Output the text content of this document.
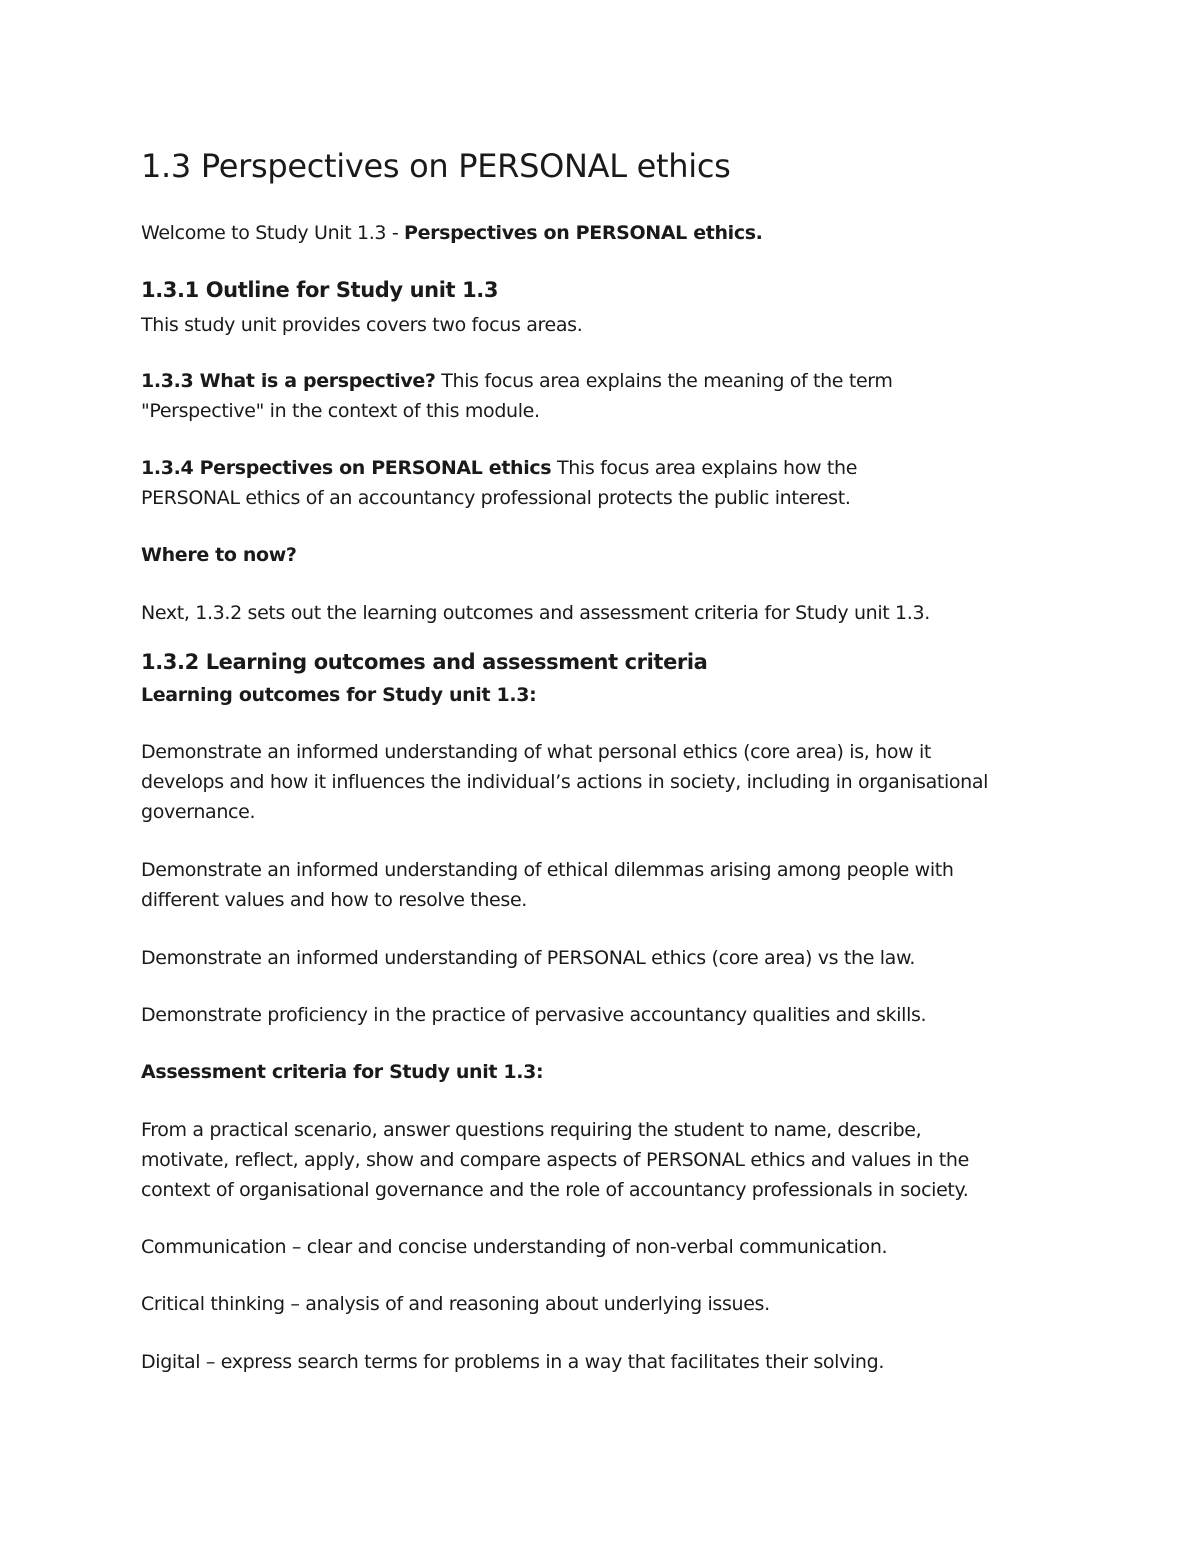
1.3 Perspectives on PERSONAL ethics

Welcome to Study Unit 1.3 - Perspectives on PERSONAL ethics.

1.3.1 Outline for Study unit 1.3

This study unit provides covers two focus areas.

1.3.3 What is a perspective? This focus area explains the meaning of the term

"Perspective" in the context of this module.

1.3.4 Perspectives on PERSONAL ethics This focus area explains how the

PERSONAL ethics of an accountancy professional protects the public interest.

Where to now?

Next, 1.3.2 sets out the learning outcomes and assessment criteria for Study unit 1.3.

1.3.2 Learning outcomes and assessment criteria

Learning outcomes for Study unit 1.3:

Demonstrate an informed understanding of what personal ethics (core area) is, how it

develops and how it influences the individual’s actions in society, including in organisational

governance.

Demonstrate an informed understanding of ethical dilemmas arising among people with

different values and how to resolve these.

Demonstrate an informed understanding of PERSONAL ethics (core area) vs the law.

Demonstrate proficiency in the practice of pervasive accountancy qualities and skills.

Assessment criteria for Study unit 1.3:

From a practical scenario, answer questions requiring the student to name, describe,

motivate, reflect, apply, show and compare aspects of PERSONAL ethics and values in the

context of organisational governance and the role of accountancy professionals in society.

Communication – clear and concise understanding of non-verbal communication.

Critical thinking – analysis of and reasoning about underlying issues.

Digital – express search terms for problems in a way that facilitates their solving.
